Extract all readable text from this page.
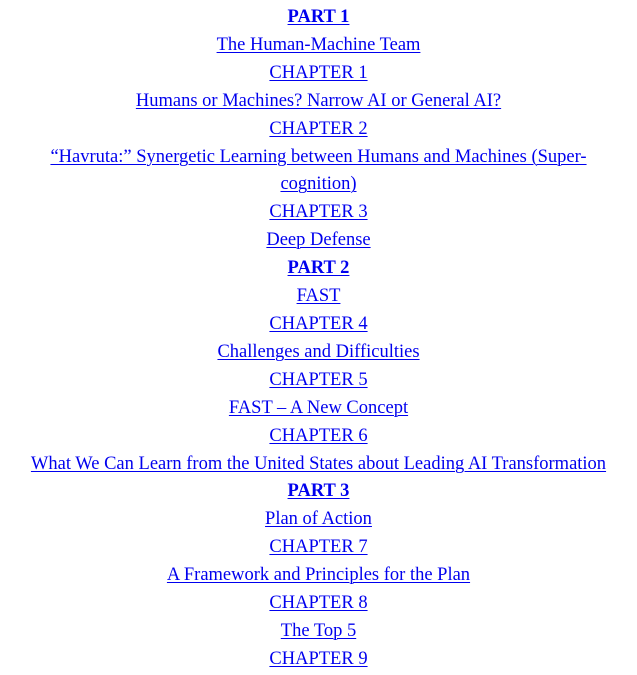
PART 1
The Human-Machine Team
CHAPTER 1
Humans or Machines? Narrow AI or General AI?
CHAPTER 2
“Havruta:” Synergetic Learning between Humans and Machines (Super-cognition)
CHAPTER 3
Deep Defense
PART 2
FAST
CHAPTER 4
Challenges and Difficulties
CHAPTER 5
FAST – A New Concept
CHAPTER 6
What We Can Learn from the United States about Leading AI Transformation
PART 3
Plan of Action
CHAPTER 7
A Framework and Principles for the Plan
CHAPTER 8
The Top 5
CHAPTER 9
